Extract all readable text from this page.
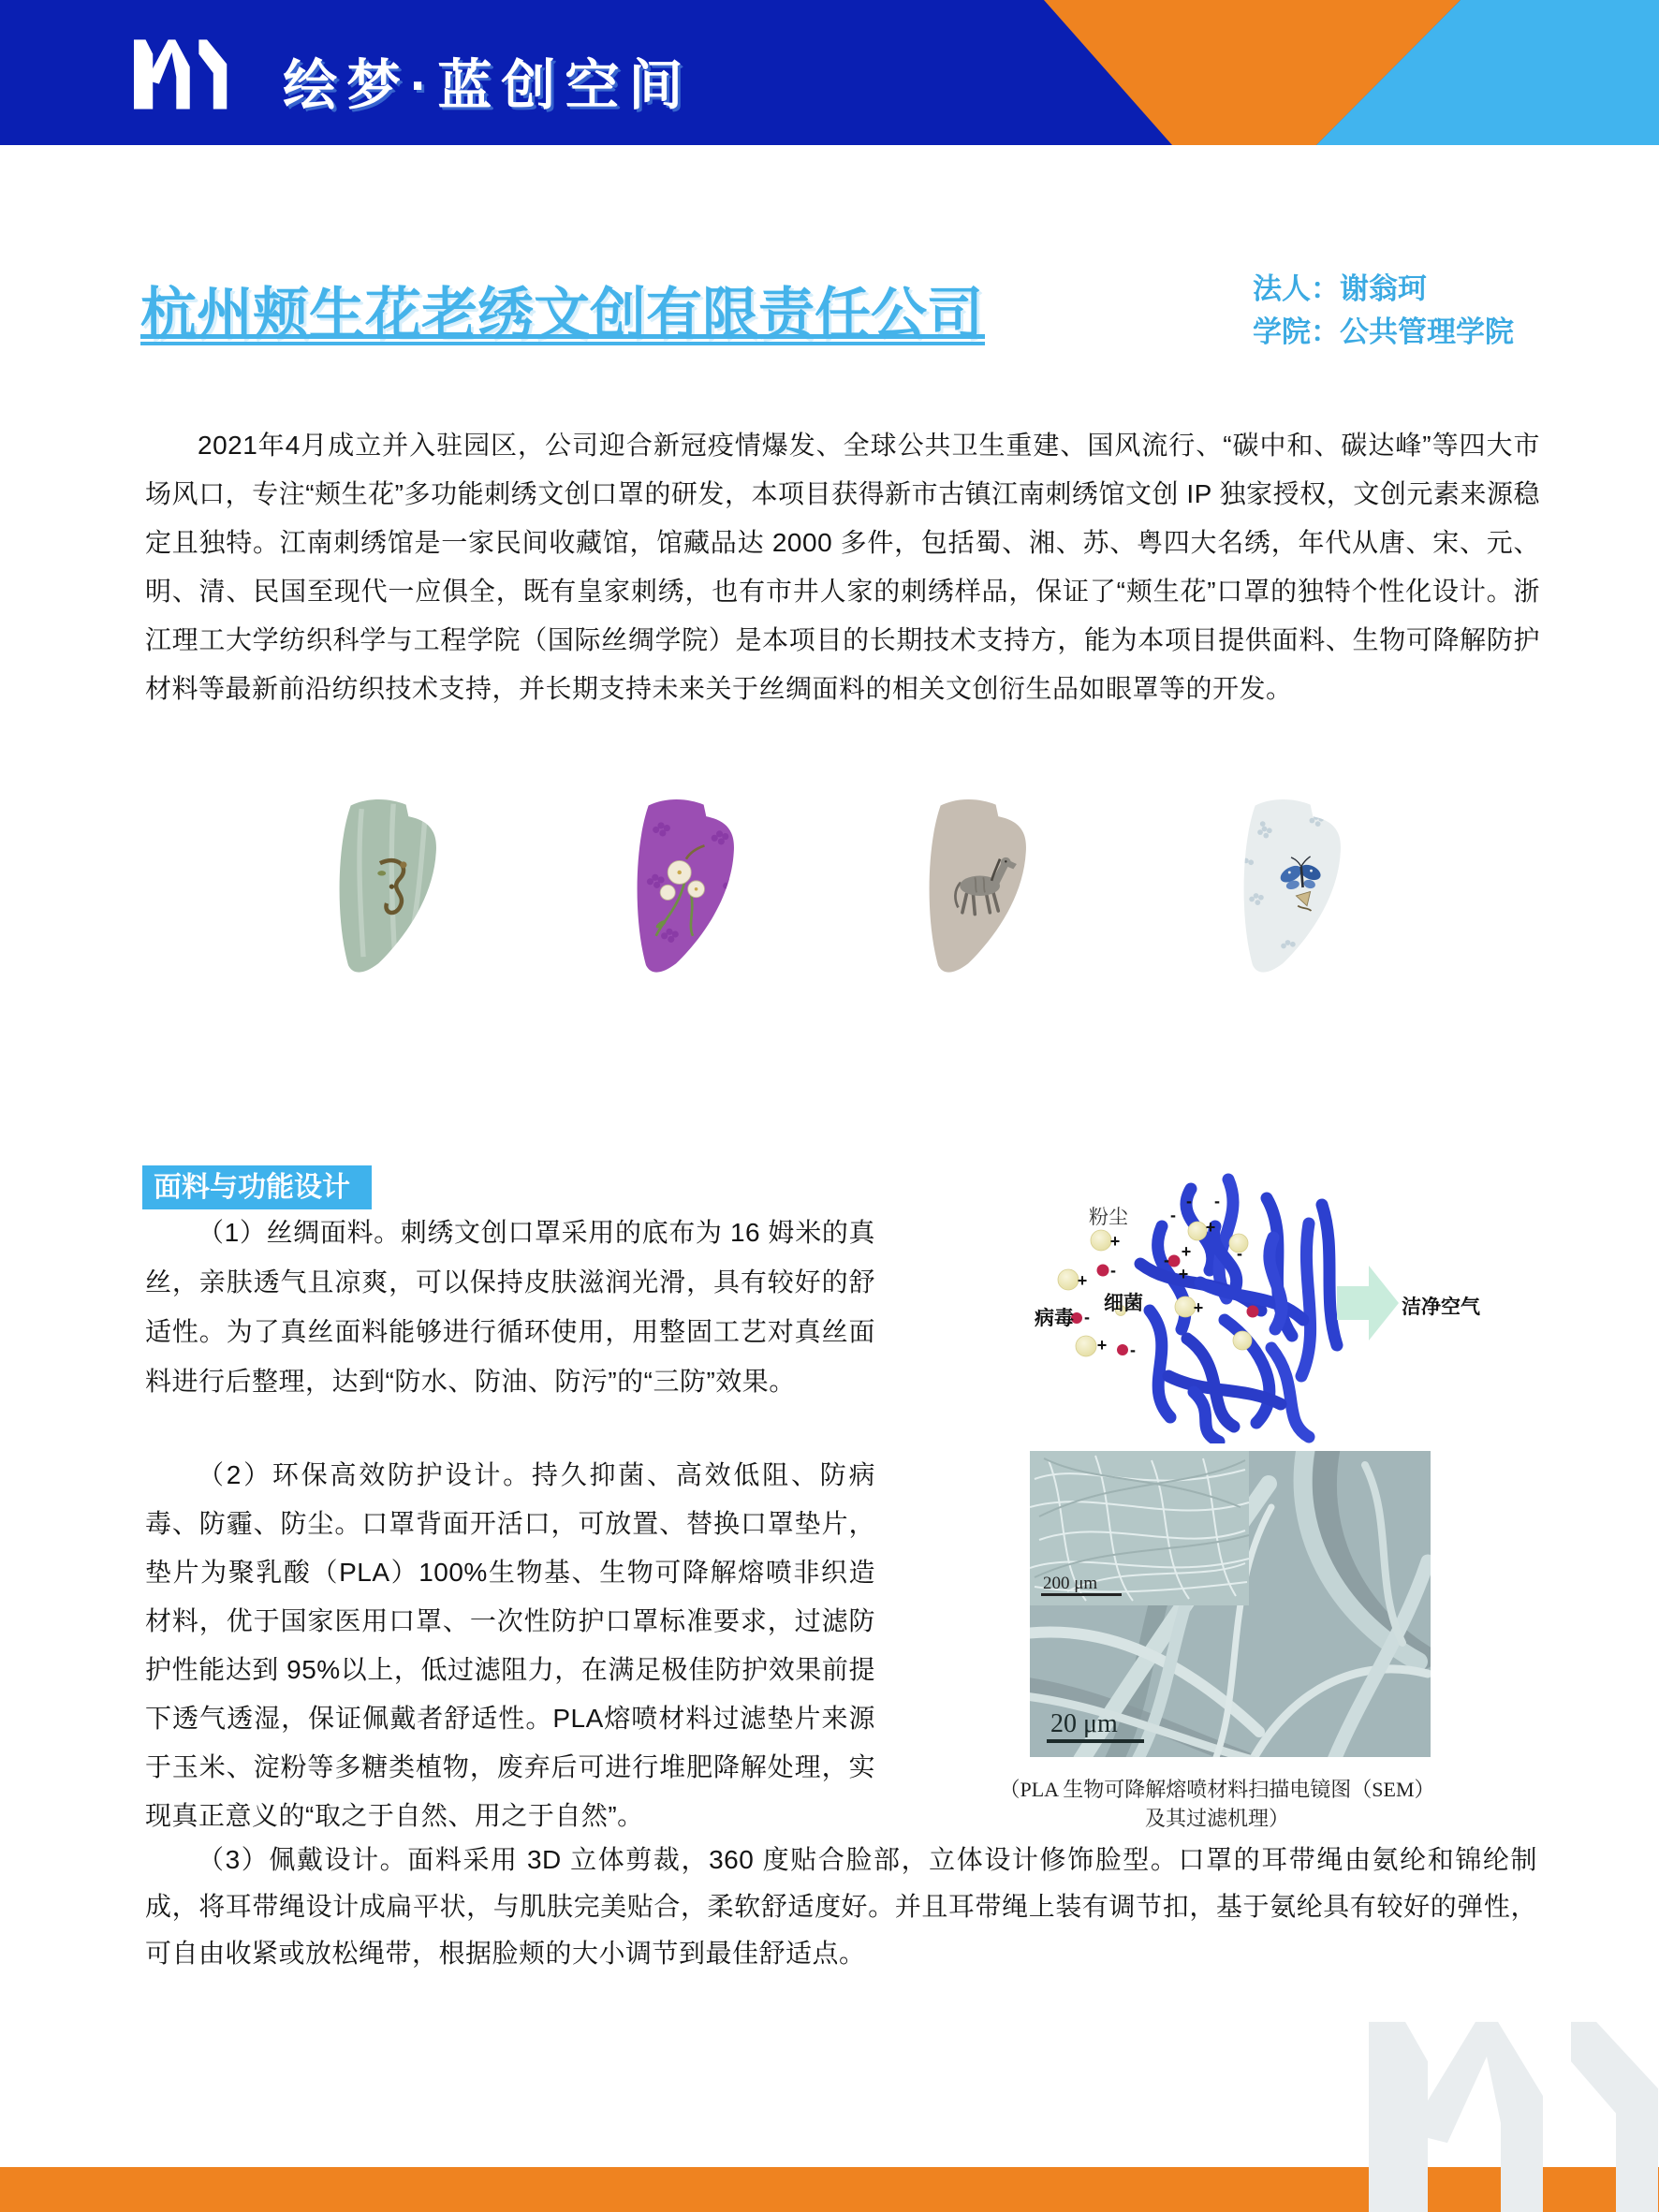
绘梦·蓝创空间
杭州颊生花老绣文创有限责任公司	法人：谢翁珂
学院：公共管理学院
2021年4月成立并入驻园区，公司迎合新冠疫情爆发、全球公共卫生重建、国风流行、“碳中和、碳达峰”等四大市场风口，专注“颊生花”多功能刺绣文创口罩的研发，本项目获得新市古镇江南刺绣馆文创 IP 独家授权，文创元素来源稳定且独特。江南刺绣馆是一家民间收藏馆，馆藏品达 2000 多件，包括蜀、湘、苏、粤四大名绣，年代从唐、宋、元、明、清、民国至现代一应俱全，既有皇家刺绣，也有市井人家的刺绣样品，保证了“颊生花”口罩的独特个性化设计。浙江理工大学纺织科学与工程学院（国际丝绸学院）是本项目的长期技术支持方，能为本项目提供面料、生物可降解防护材料等最新前沿纺织技术支持，并长期支持未来关于丝绸面料的相关文创衍生品如眼罩等的开发。
面料与功能设计
（1）丝绸面料。刺绣文创口罩采用的底布为 16 姆米的真丝，亲肤透气且凉爽，可以保持皮肤滋润光滑，具有较好的舒适性。为了真丝面料能够进行循环使用，用整固工艺对真丝面料进行后整理，达到“防水、防油、防污”的“三防”效果。
（2）环保高效防护设计。持久抑菌、高效低阻、防病毒、防霾、防尘。口罩背面开活口，可放置、替换口罩垫片，垫片为聚乳酸（PLA）100%生物基、生物可降解熔喷非织造材料，优于国家医用口罩、一次性防护口罩标准要求，过滤防护性能达到 95%以上，低过滤阻力，在满足极佳防护效果前提下透气透湿，保证佩戴者舒适性。PLA熔喷材料过滤垫片来源于玉米、淀粉等多糖类植物，废弃后可进行堆肥降解处理，实现真正意义的“取之于自然、用之于自然”。
+
+
+
+
+
+
+
-
-
-
-
- -
-
-
粉尘
细菌
病毒
洁净空气
200 μm
20 μm
（PLA 生物可降解熔喷材料扫描电镜图（SEM）及其过滤机理）
（3）佩戴设计。面料采用 3D 立体剪裁，360 度贴合脸部，立体设计修饰脸型。口罩的耳带绳由氨纶和锦纶制成，将耳带绳设计成扁平状，与肌肤完美贴合，柔软舒适度好。并且耳带绳上装有调节扣，基于氨纶具有较好的弹性，可自由收紧或放松绳带，根据脸颊的大小调节到最佳舒适点。
